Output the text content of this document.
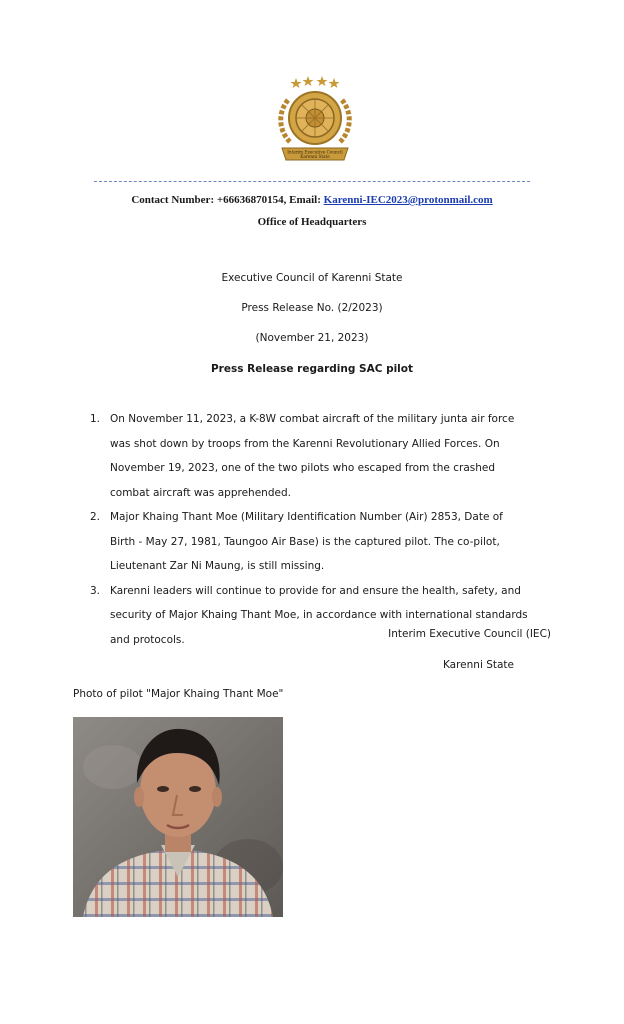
Interim Executive Council
Karenni State
Contact Number: +66636870154, Email: Karenni-IEC2023@protonmail.com
Office of Headquarters
Executive Council of Karenni State
Press Release No. (2/2023)
(November 21, 2023)
Press Release regarding SAC pilot
1. On November 11, 2023, a K-8W combat aircraft of the military junta air force was shot down by troops from the Karenni Revolutionary Allied Forces. On November 19, 2023, one of the two pilots who escaped from the crashed combat aircraft was apprehended.
2. Major Khaing Thant Moe (Military Identification Number (Air) 2853, Date of Birth - May 27, 1981, Taungoo Air Base) is the captured pilot. The co-pilot, Lieutenant Zar Ni Maung, is still missing.
3. Karenni leaders will continue to provide for and ensure the health, safety, and security of Major Khaing Thant Moe, in accordance with international standards and protocols.	Interim Executive Council (IEC)
Karenni State
Photo of pilot "Major Khaing Thant Moe"
